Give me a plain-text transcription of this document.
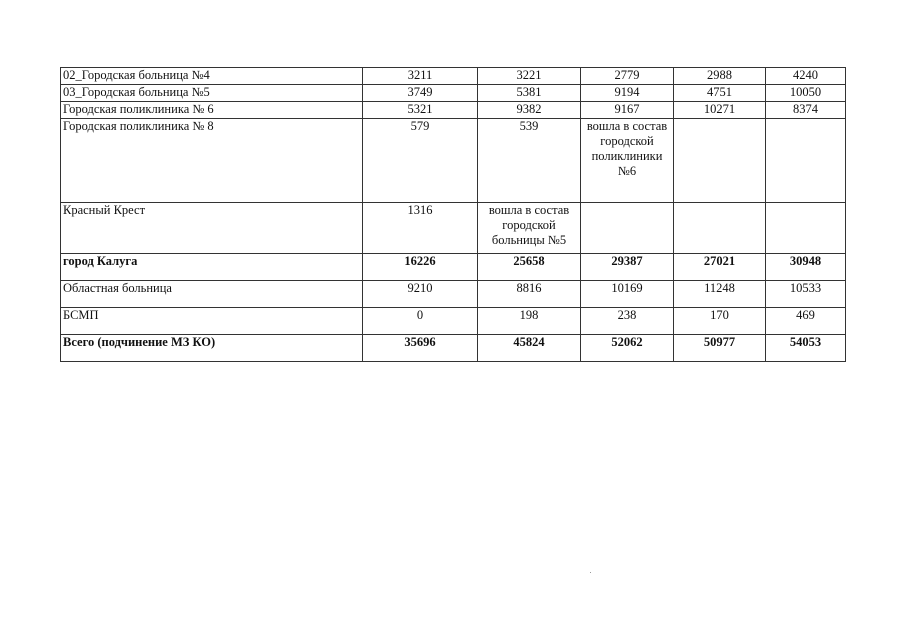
02_Городская больница №4	3211	3221	2779	2988	4240
03_Городская больница №5	3749	5381	9194	4751	10050
Городская поликлиника № 6	5321	9382	9167	10271	8374
Городская поликлиника № 8	579	539	вошла в состав городской поликлиники №6		
Красный Крест	1316	вошла в состав городской больницы №5			
город Калуга	16226	25658	29387	27021	30948
Областная больница	9210	8816	10169	11248	10533
БСМП	0	198	238	170	469
Всего (подчинение МЗ КО)	35696	45824	52062	50977	54053
